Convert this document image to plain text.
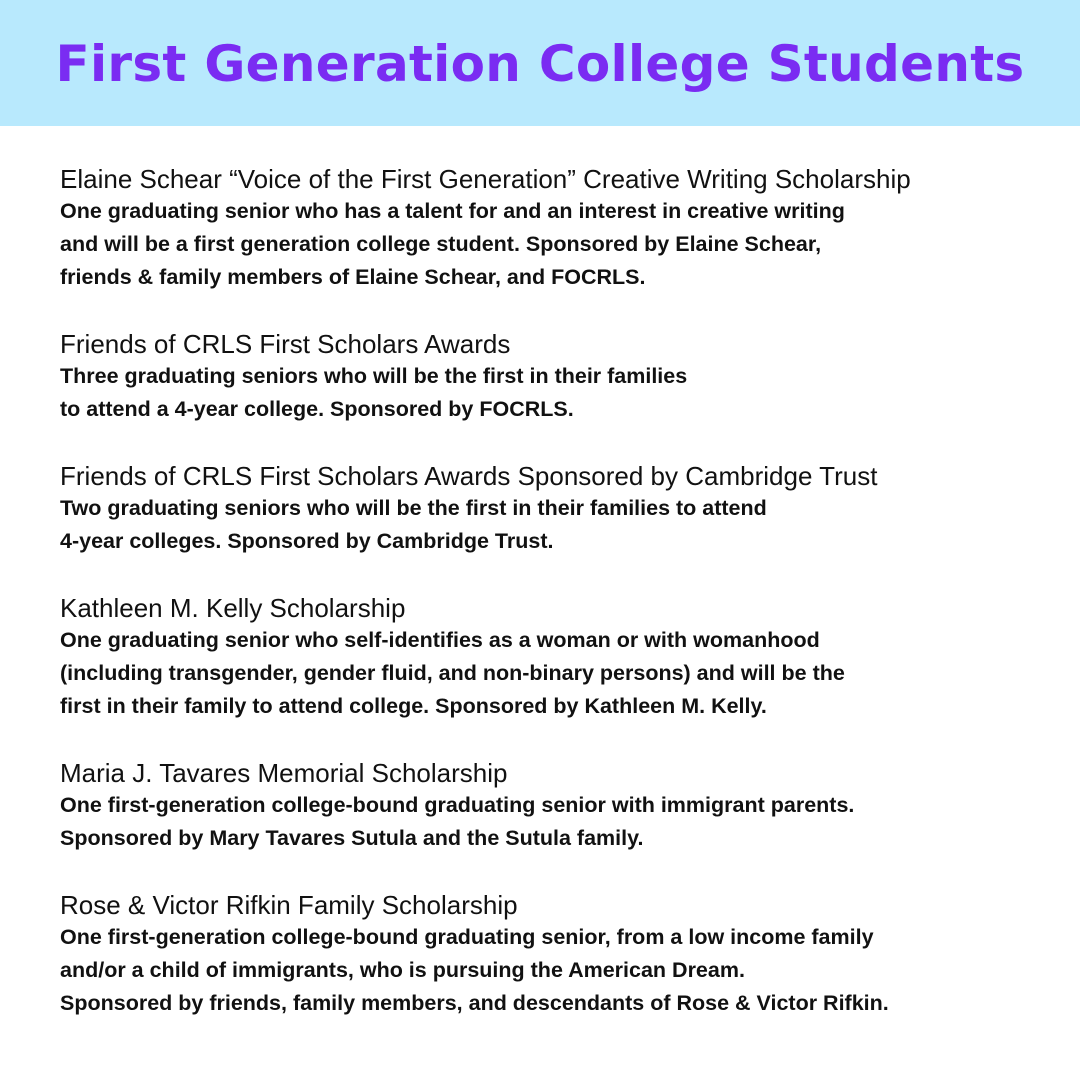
First Generation College Students
Elaine Schear “Voice of the First Generation” Creative Writing Scholarship
One graduating senior who has a talent for and an interest in creative writing
and will be a first generation college student. Sponsored by Elaine Schear,
friends & family members of Elaine Schear, and FOCRLS.
Friends of CRLS First Scholars Awards
Three graduating seniors who will be the first in their families
to attend a 4-year college. Sponsored by FOCRLS.
Friends of CRLS First Scholars Awards Sponsored by Cambridge Trust
Two graduating seniors who will be the first in their families to attend
4-year colleges. Sponsored by Cambridge Trust.
Kathleen M. Kelly Scholarship
One graduating senior who self-identifies as a woman or with womanhood
(including transgender, gender fluid, and non-binary persons) and will be the
first in their family to attend college. Sponsored by Kathleen M. Kelly.
Maria J. Tavares Memorial Scholarship
One first-generation college-bound graduating senior with immigrant parents.
Sponsored by Mary Tavares Sutula and the Sutula family.
Rose & Victor Rifkin Family Scholarship
One first-generation college-bound graduating senior, from a low income family
and/or a child of immigrants, who is pursuing the American Dream.
Sponsored by friends, family members, and descendants of Rose & Victor Rifkin.
